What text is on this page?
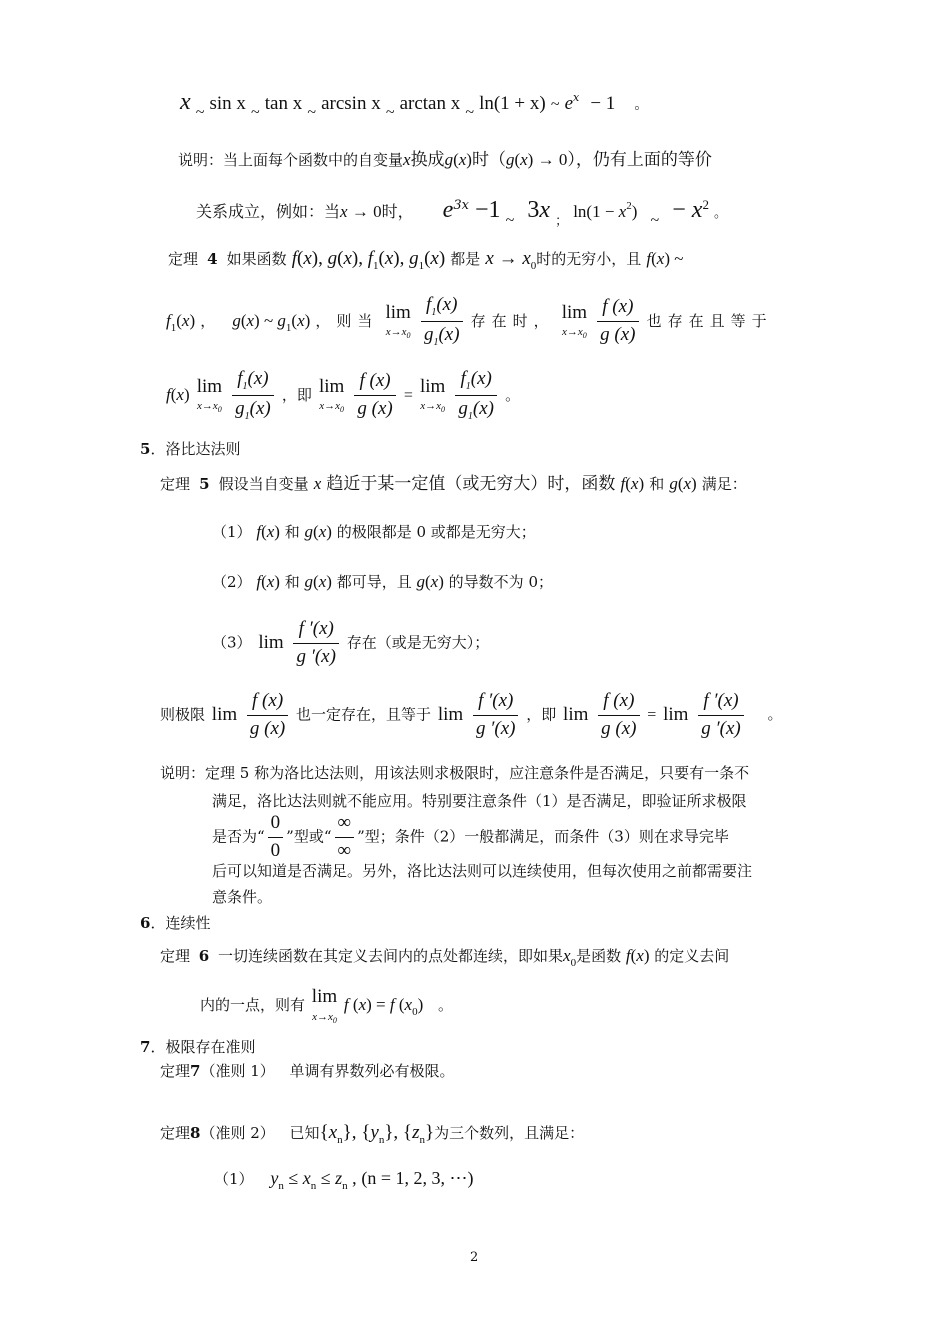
x ~ sin x ~ tan x ~ arcsin x ~ arctan x ~ ln(1 + x) ~ $e^x - 1$ 。
说明：当上面每个函数中的自变量x换成g(x)时（g(x) → 0），仍有上面的等价
关系成立，例如：当x → 0时， $e^{3x} -1$ ~ 3x $_;$ $\ln(1 - x^2)$ ~ − $x^2$ 。
定理 4 如果函数 f(x), g(x), $f_1(x)$, $g_1(x)$ 都是 $x \to x_0$时的无穷小，且 f(x) ~
$f_1(x)$ ， g(x) ~ $g_1(x)$ ，则当 lim
$x\to x_0$
$\frac{f_1(x)}{g_1(x)}$ 存在时， lim
$x\to x_0$
$\frac{f (x)}{g (x)}$ 也存在且等于
f(x) lim
$x\to x_0$
$\frac{f_1(x)}{g_1(x)}$ ，即 lim
$x\to x_0$
$\frac{f (x)}{g (x)} = \lim$
$x\to x_0$
$\frac{f_1(x)}{g_1(x)}$ 。
5．洛比达法则
定理 5 假设当自变量 x 趋近于某一定值（或无穷大）时，函数 f(x) 和 g(x) 满足：
（1） f(x) 和 g(x) 的极限都是 0 或都是无穷大；
（2） f(x) 和 g(x) 都可导，且 g(x) 的导数不为 0；
（3） lim
$\frac{f '(x)}{g '(x)}$ 存在（或是无穷大）；
则极限 lim
$\frac{f (x)}{g (x)}$ 也一定存在，且等于 lim
$\frac{f '(x)}{g '(x)}$ ，即 lim
$\frac{f (x)}{g (x)} = \lim$
$\frac{f '(x)}{g '(x)}$ 。
说明：定理 5 称为洛比达法则，用该法则求极限时，应注意条件是否满足，只要有一条不
满足，洛比达法则就不能应用。特别要注意条件（1）是否满足，即验证所求极限
是否为“ $\frac{0}{0}$ ”型或“ $\frac{\infty}{\infty}$ ”型；条件（2）一般都满足，而条件（3）则在求导完毕
后可以知道是否满足。另外，洛比达法则可以连续使用，但每次使用之前都需要注
意条件。
6．连续性
定理 6 一切连续函数在其定义去间内的点处都连续，即如果$x_0$是函数 f(x) 的定义去间
内的一点，则有 lim
$x\to x_0$
f (x) = f $(x_0)$ 。
7．极限存在准则
定理7（准则 1） 单调有界数列必有极限。
定理8（准则 2） 已知$\{x_n\}$, $\{y_n\}$, $\{z_n\}$为三个数列，且满足：
（1） $y_n \le x_n \le z_n$ , (n = 1, 2, 3, ⋯)
2
